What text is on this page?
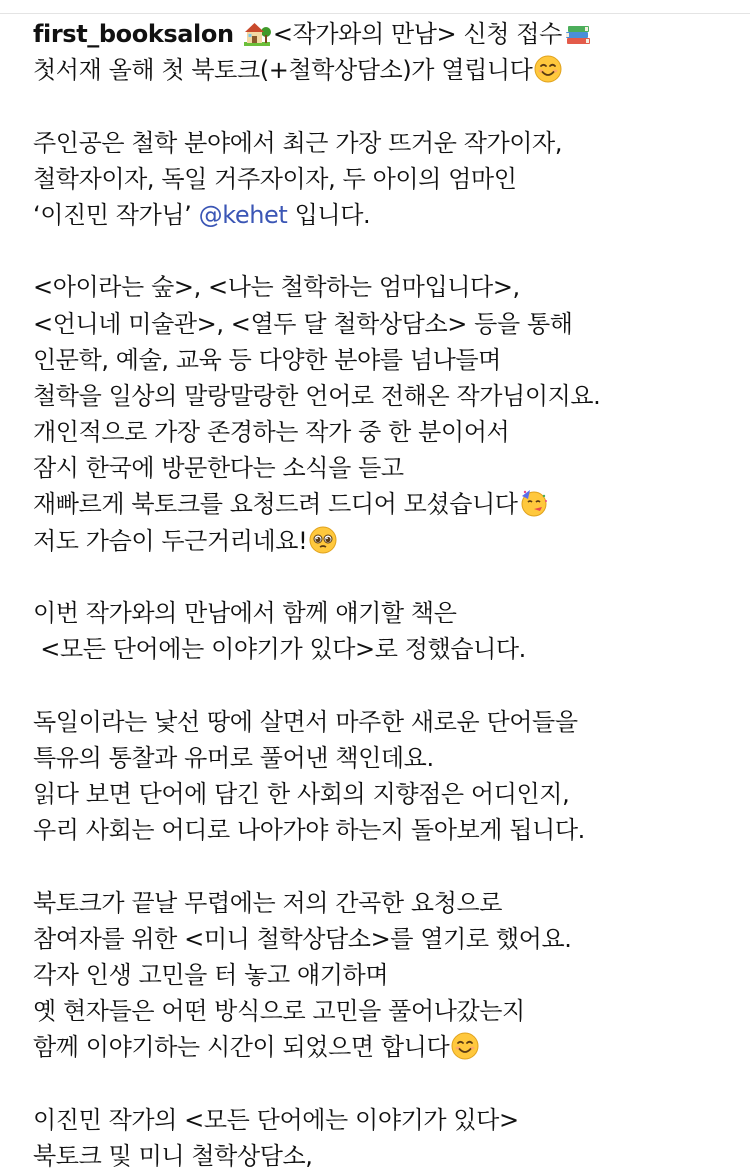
first_booksalon <작가와의 만남> 신청 접수
첫서재 올해 첫 북토크(+철학상담소)가 열립니다
주인공은 철학 분야에서 최근 가장 뜨거운 작가이자,
철학자이자, 독일 거주자이자, 두 아이의 엄마인
‘이진민 작가님’ @kehet 입니다.
<아이라는 숲>, <나는 철학하는 엄마입니다>,
<언니네 미술관>, <열두 달 철학상담소> 등을 통해
인문학, 예술, 교육 등 다양한 분야를 넘나들며
철학을 일상의 말랑말랑한 언어로 전해온 작가님이지요.
개인적으로 가장 존경하는 작가 중 한 분이어서
잠시 한국에 방문한다는 소식을 듣고
재빠르게 북토크를 요청드려 드디어 모셨습니다
저도 가슴이 두근거리네요!
이번 작가와의 만남에서 함께 얘기할 책은
<모든 단어에는 이야기가 있다>로 정했습니다.
독일이라는 낯선 땅에 살면서 마주한 새로운 단어들을
특유의 통찰과 유머로 풀어낸 책인데요.
읽다 보면 단어에 담긴 한 사회의 지향점은 어디인지,
우리 사회는 어디로 나아가야 하는지 돌아보게 됩니다.
북토크가 끝날 무렵에는 저의 간곡한 요청으로
참여자를 위한 <미니 철학상담소>를 열기로 했어요.
각자 인생 고민을 터 놓고 얘기하며
옛 현자들은 어떤 방식으로 고민을 풀어나갔는지
함께 이야기하는 시간이 되었으면 합니다
이진민 작가의 <모든 단어에는 이야기가 있다>
북토크 및 미니 철학상담소,
